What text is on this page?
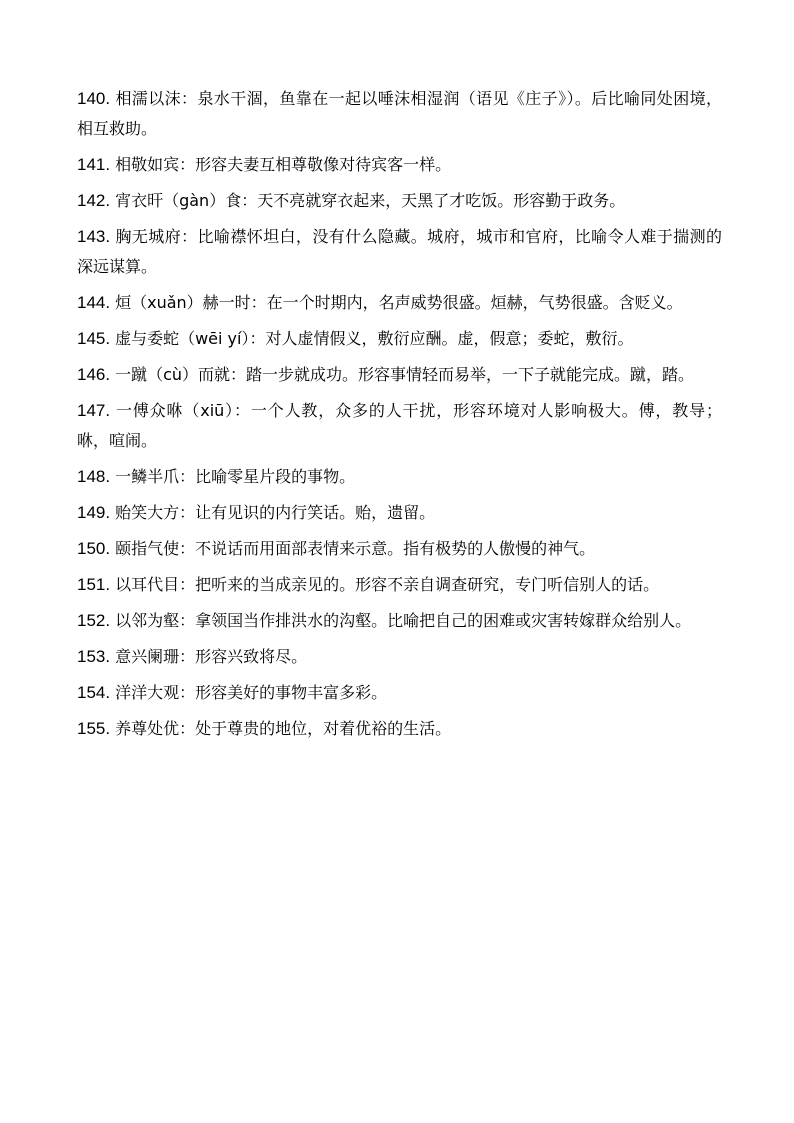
140. 相濡以沫：泉水干涸，鱼靠在一起以唾沫相湿润（语见《庄子》）。后比喻同处困境，相互救助。
141. 相敬如宾：形容夫妻互相尊敬像对待宾客一样。
142. 宵衣旰（gàn）食：天不亮就穿衣起来，天黑了才吃饭。形容勤于政务。
143. 胸无城府：比喻襟怀坦白，没有什么隐藏。城府，城市和官府，比喻令人难于揣测的深远谋算。
144. 烜（xuǎn）赫一时：在一个时期内，名声威势很盛。烜赫，气势很盛。含贬义。
145. 虚与委蛇（wēi yí）：对人虚情假义，敷衍应酬。虚，假意；委蛇，敷衍。
146. 一蹴（cù）而就：踏一步就成功。形容事情轻而易举，一下子就能完成。蹴，踏。
147. 一傅众咻（xiū）：一个人教，众多的人干扰，形容环境对人影响极大。傅，教导；咻，喧闹。
148. 一鳞半爪：比喻零星片段的事物。
149. 贻笑大方：让有见识的内行笑话。贻，遗留。
150. 颐指气使：不说话而用面部表情来示意。指有极势的人傲慢的神气。
151. 以耳代目：把听来的当成亲见的。形容不亲自调查研究，专门听信别人的话。
152. 以邻为壑：拿领国当作排洪水的沟壑。比喻把自己的困难或灾害转嫁群众给别人。
153. 意兴阑珊：形容兴致将尽。
154. 洋洋大观：形容美好的事物丰富多彩。
155. 养尊处优：处于尊贵的地位，对着优裕的生活。
